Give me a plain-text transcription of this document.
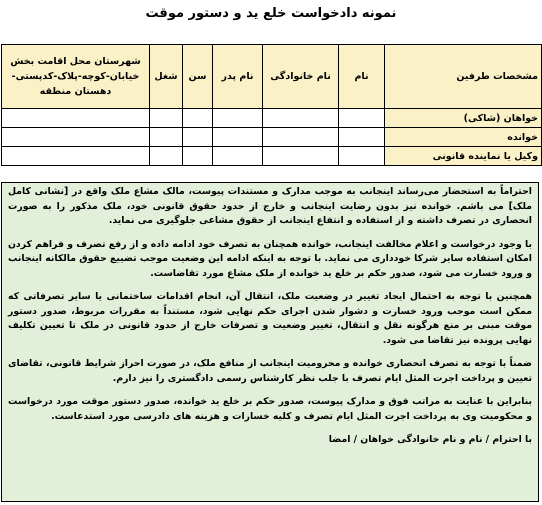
نمونه دادخواست خلع ید و دستور موقت
مشخصات طرفین	نام	نام خانوادگی	نام پدر	سن	شغل	شهرستان محل اقامت بخش خیابان-کوچه-پلاک-کدپستی- دهستان منطقه
خواهان (شاکی)						
خوانده						
وکیل یا نماینده قانونی						

احتراماً به استحضار می‌رساند اینجانب به موجب مدارک و مستندات پیوست، مالک مشاع ملک واقع در [نشانی کامل ملک] می باشم. خوانده نیز بدون رضایت اینجانب و خارج از حدود حقوق قانونی خود، ملک مذکور را به صورت انحصاری در تصرف داشته و از استفاده و انتفاع اینجانب از حقوق مشاعی جلوگیری می نماید.

با وجود درخواست و اعلام مخالفت اینجانب، خوانده همچنان به تصرف خود ادامه داده و از رفع تصرف و فراهم کردن امکان استفاده سایر شرکا خودداری می نماید. با توجه به اینکه ادامه این وضعیت موجب تضییع حقوق مالکانه اینجانب و ورود خسارت می شود، صدور حکم بر خلع ید خوانده از ملک مشاع مورد تقاضاست.

همچنین با توجه به احتمال ایجاد تغییر در وضعیت ملک، انتقال آن، انجام اقدامات ساختمانی یا سایر تصرفاتی که ممکن است موجب ورود خسارت و دشوار شدن اجرای حکم نهایی شود، مستنداً به مقررات مربوط، صدور دستور موقت مبنی بر منع هرگونه نقل و انتقال، تغییر وضعیت و تصرفات خارج از حدود قانونی در ملک تا تعیین تکلیف نهایی پرونده نیز تقاضا می شود.

ضمناً با توجه به تصرف انحصاری خوانده و محرومیت اینجانب از منافع ملک، در صورت احراز شرایط قانونی، تقاضای تعیین و پرداخت اجرت المثل ایام تصرف با جلب نظر کارشناس رسمی دادگستری را نیز دارم.

بنابراین با عنایت به مراتب فوق و مدارک پیوست، صدور حکم بر خلع ید خوانده، صدور دستور موقت مورد درخواست و محکومیت وی به پرداخت اجرت المثل ایام تصرف و کلیه خسارات و هزینه های دادرسی مورد استدعاست.

با احترام / نام و نام خانوادگی خواهان / امضا
